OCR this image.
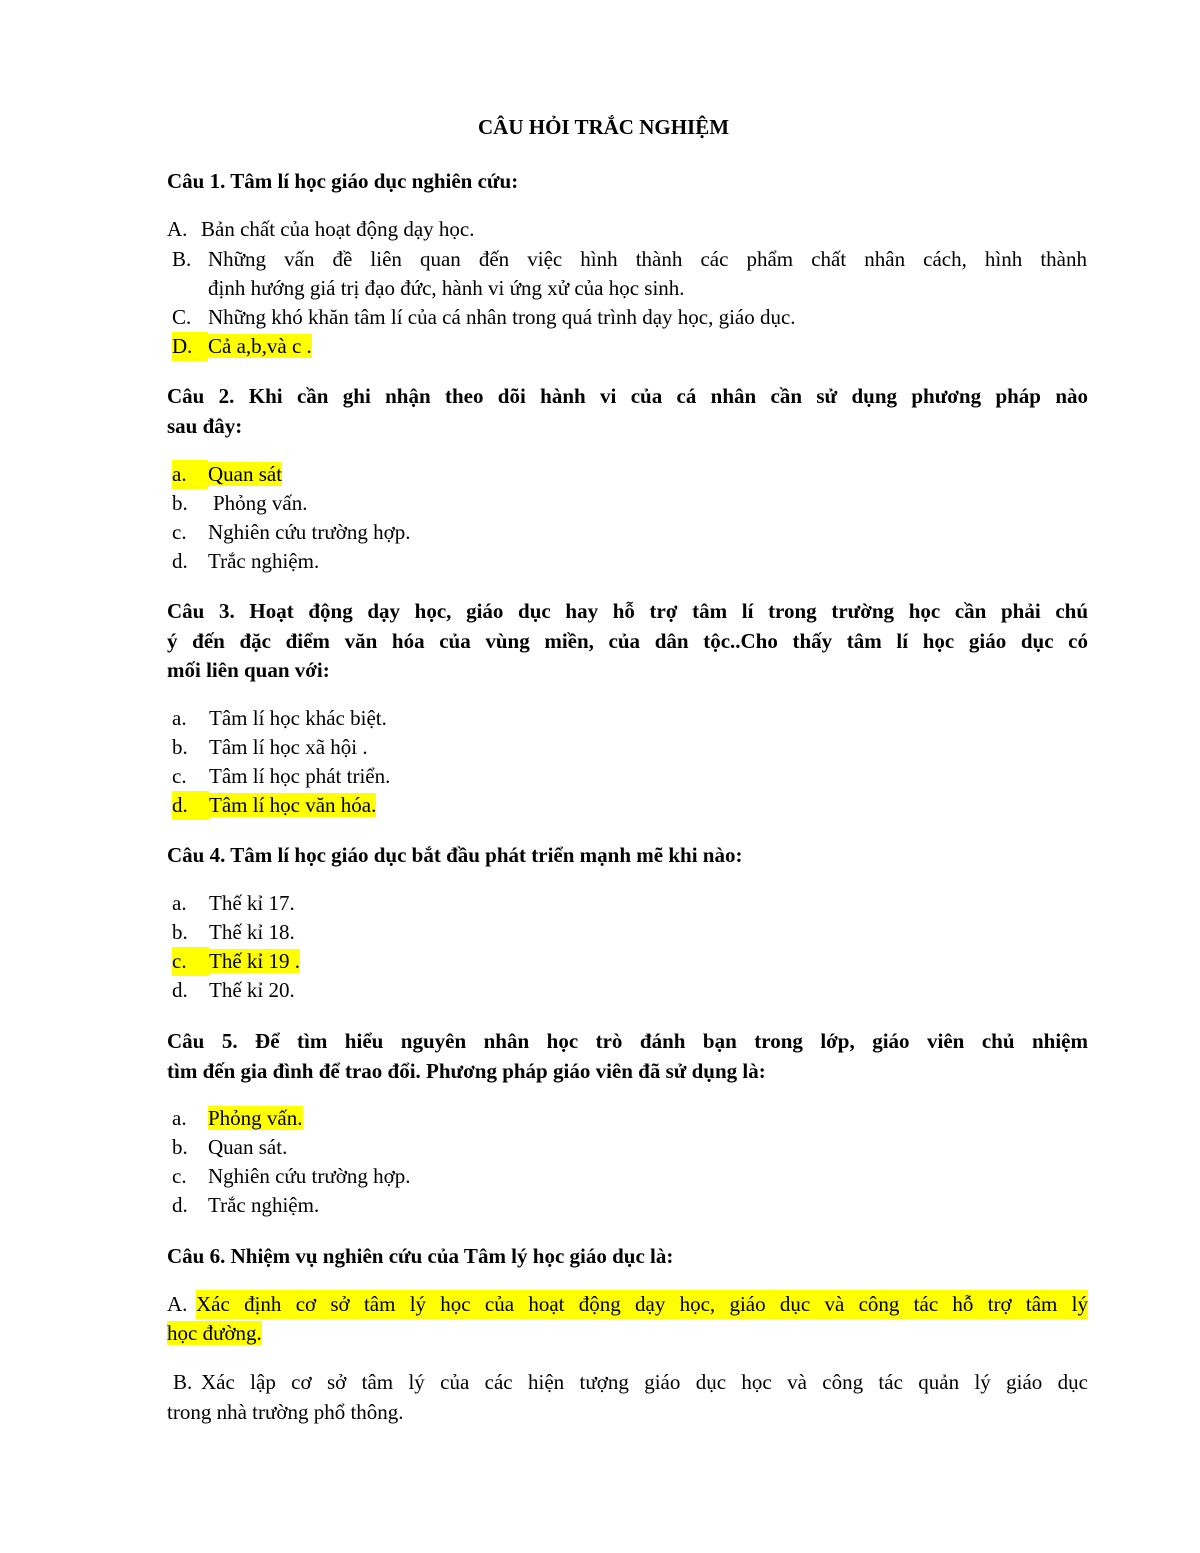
CÂU HỎI TRẮC NGHIỆM
Câu 1. Tâm lí học giáo dục nghiên cứu:
A. Bản chất của hoạt động dạy học.
B. Những vấn đề liên quan đến việc hình thành các phẩm chất nhân cách, hình thành
định hướng giá trị đạo đức, hành vi ứng xử của học sinh.
C. Những khó khăn tâm lí của cá nhân trong quá trình dạy học, giáo dục.
D. Cả a,b,và c .
Câu 2. Khi cần ghi nhận theo dõi hành vi của cá nhân cần sử dụng phương pháp nào
sau đây:
a. Quan sát
b. Phỏng vấn.
c. Nghiên cứu trường hợp.
d. Trắc nghiệm.
Câu 3. Hoạt động dạy học, giáo dục hay hỗ trợ tâm lí trong trường học cần phải chú
ý đến đặc điểm văn hóa của vùng miền, của dân tộc..Cho thấy tâm lí học giáo dục có
mối liên quan với:
a. Tâm lí học khác biệt.
b. Tâm lí học xã hội .
c. Tâm lí học phát triển.
d. Tâm lí học văn hóa.
Câu 4. Tâm lí học giáo dục bắt đầu phát triển mạnh mẽ khi nào:
a. Thế kỉ 17.
b. Thế kỉ 18.
c. Thế kỉ 19 .
d. Thế kỉ 20.
Câu 5. Để tìm hiểu nguyên nhân học trò đánh bạn trong lớp, giáo viên chủ nhiệm
tìm đến gia đình để trao đổi. Phương pháp giáo viên đã sử dụng là:
a. Phỏng vấn.
b. Quan sát.
c. Nghiên cứu trường hợp.
d. Trắc nghiệm.
Câu 6. Nhiệm vụ nghiên cứu của Tâm lý học giáo dục là:
A. Xác định cơ sở tâm lý học của hoạt động dạy học, giáo dục và công tác hỗ trợ tâm lý
học đường.
B. Xác lập cơ sở tâm lý của các hiện tượng giáo dục học và công tác quản lý giáo dục
trong nhà trường phổ thông.
